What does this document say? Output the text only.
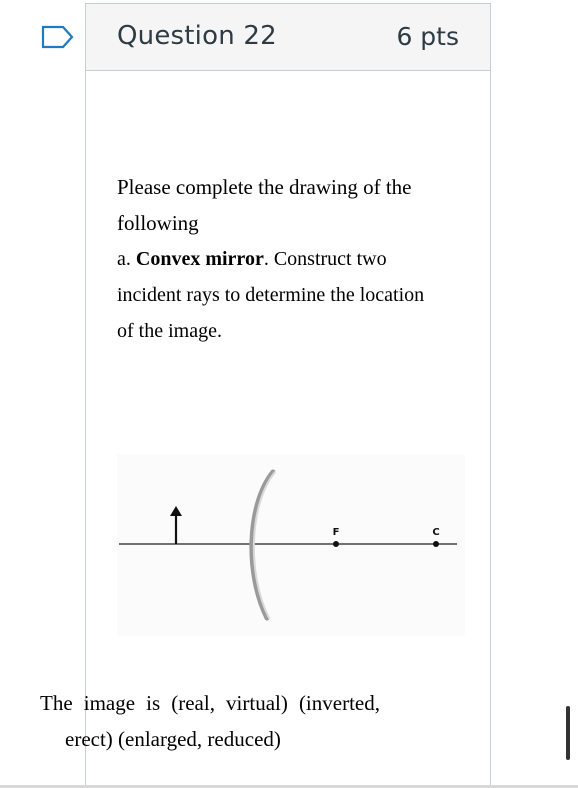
Question 22	6 pts
Please complete the drawing of the
following
a. Convex mirror. Construct two
incident rays to determine the location
of the image.
F	C
The image is (real, virtual) (inverted,
erect) (enlarged, reduced)
